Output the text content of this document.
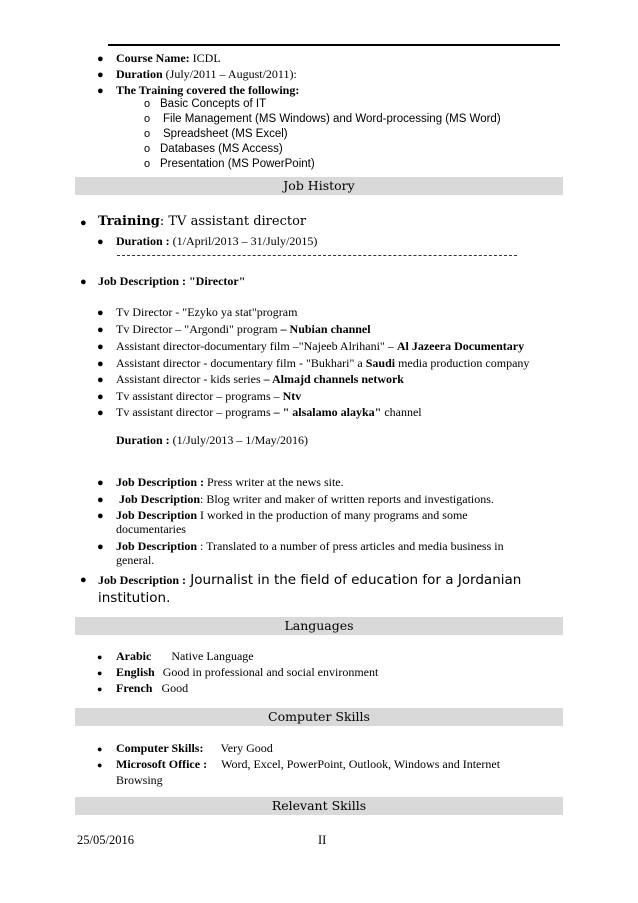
● Course Name: ICDL
● Duration (July/2011 – August/2011):
● The Training covered the following:
o Basic Concepts of IT
o File Management (MS Windows) and Word-processing (MS Word)
o Spreadsheet (MS Excel)
o Databases (MS Access)
o Presentation (MS PowerPoint)
Job History
● Training: TV assistant director
● Duration : (1/April/2013 – 31/July/2015)
● Job Description : "Director"
● Tv Director - "Ezyko ya stat"program
● Tv Director – "Argondi" program – Nubian channel
● Assistant director-documentary film –"Najeeb Alrihani" – Al Jazeera Documentary
● Assistant director - documentary film - "Bukhari" a Saudi media production company
● Assistant director - kids series – Almajd channels network
● Tv assistant director – programs – Ntv
● Tv assistant director – programs – " alsalamo alayka" channel
Duration : (1/July/2013 – 1/May/2016)
● Job Description : Press writer at the news site.
● Job Description: Blog writer and maker of written reports and investigations.
● Job Description I worked in the production of many programs and some
documentaries
● Job Description : Translated to a number of press articles and media business in
general.
● Job Description : Journalist in the field of education for a Jordanian
institution.
Languages
● Arabic Native Language
● English Good in professional and social environment
● French Good
Computer Skills
● Computer Skills: Very Good
● Microsoft Office : Word, Excel, PowerPoint, Outlook, Windows and Internet
Browsing
Relevant Skills
25/05/2016	II
